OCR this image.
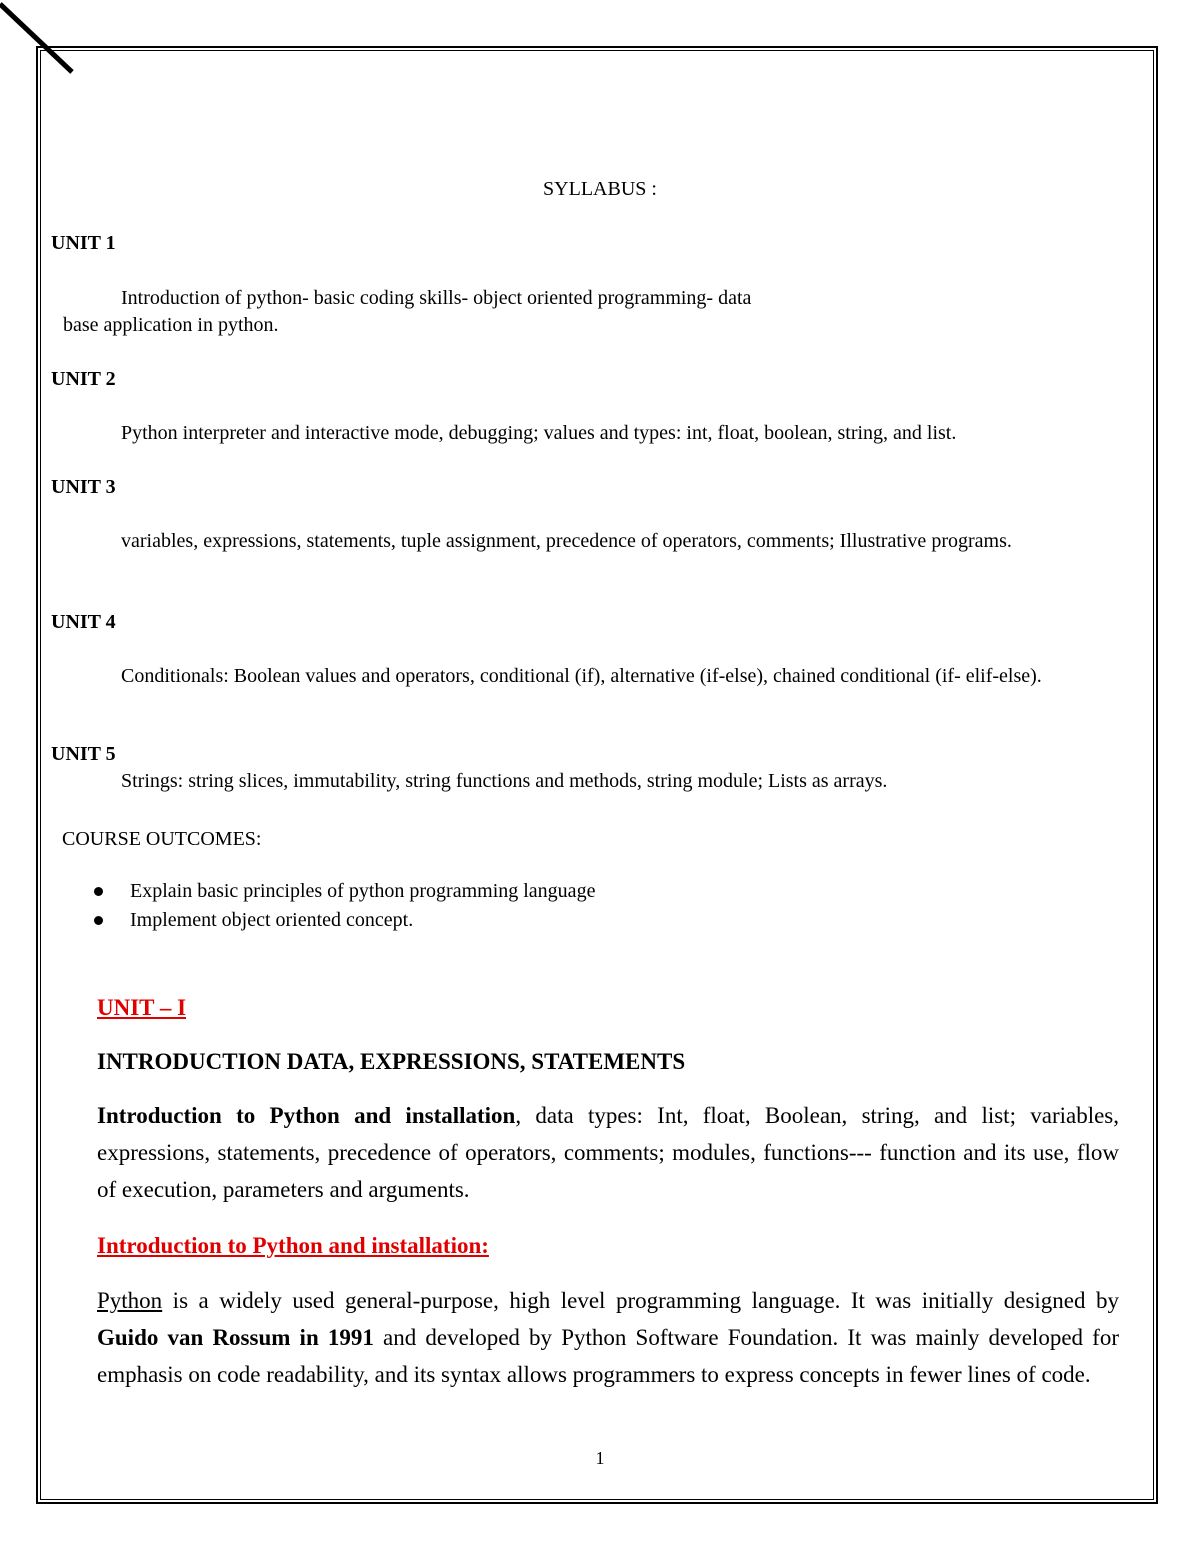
SYLLABUS :

UNIT 1

Introduction of python- basic coding skills- object oriented programming- data

base application in python.

UNIT 2

Python interpreter and interactive mode, debugging; values and types: int, float, boolean, string, and list.

UNIT 3

variables, expressions, statements, tuple assignment, precedence of operators, comments; Illustrative programs.

UNIT 4

Conditionals: Boolean values and operators, conditional (if), alternative (if-else), chained conditional (if- elif-else).

UNIT 5

Strings: string slices, immutability, string functions and methods, string module; Lists as arrays.

COURSE OUTCOMES:

Explain basic principles of python programming language
Implement object oriented concept.

UNIT – I

INTRODUCTION DATA, EXPRESSIONS, STATEMENTS

Introduction to Python and installation, data types: Int, float, Boolean, string, and list; variables, expressions, statements, precedence of operators, comments; modules, functions--- function and its use, flow of execution, parameters and arguments.

Introduction to Python and installation:

Python is a widely used general-purpose, high level programming language. It was initially designed by Guido van Rossum in 1991 and developed by Python Software Foundation. It was mainly developed for emphasis on code readability, and its syntax allows programmers to express concepts in fewer lines of code.

1
